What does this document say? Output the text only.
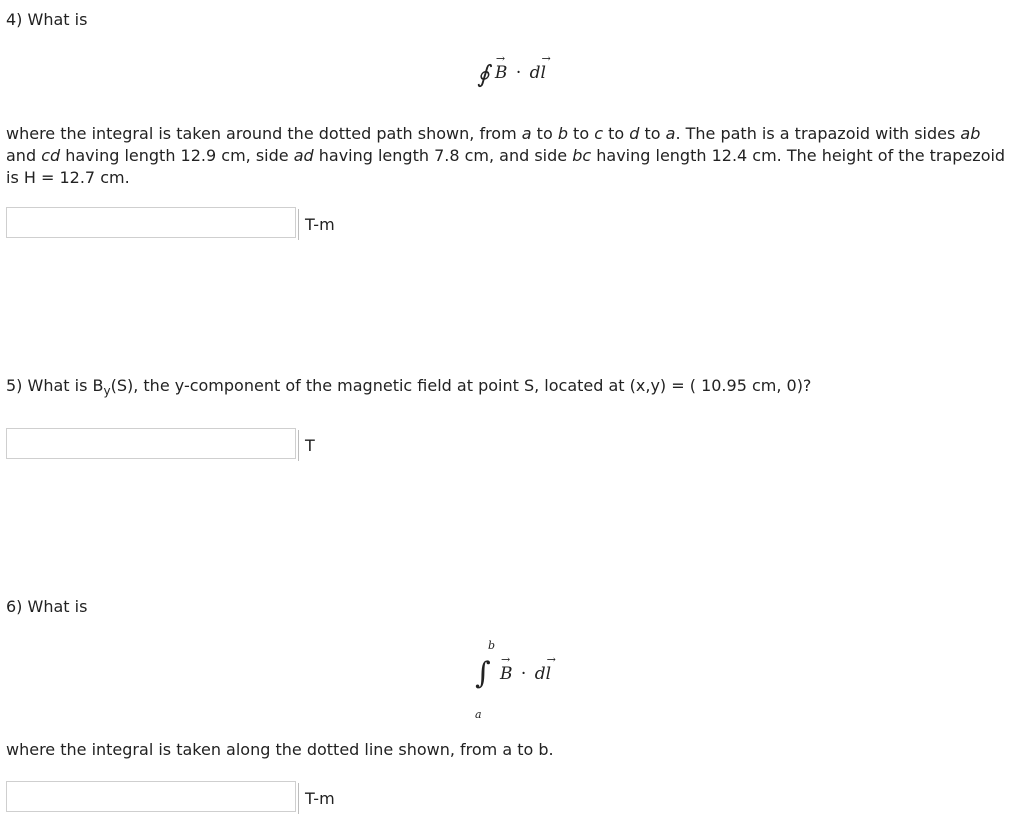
4) What is
∮ → B · d→ l
where the integral is taken around the dotted path shown, from a to b to c to d to a. The path is a trapazoid with sides ab and cd having length 12.9 cm, side ad having length 7.8 cm, and side bc having length 12.4 cm. The height of the trapezoid is H = 12.7 cm.
T-m
5) What is $B_y(S)$, the y-component of the magnetic field at point S, located at (x,y) = ( 10.95 cm, 0)?
T
6) What is
b
∫
a
→ B · d→ l
where the integral is taken along the dotted line shown, from a to b.
T-m
